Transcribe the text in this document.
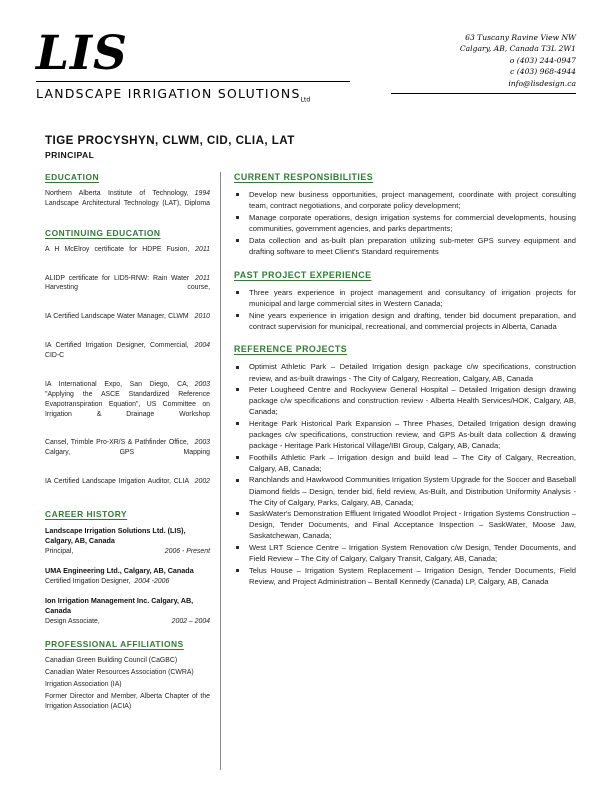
LIS
LANDSCAPE IRRIGATION $SOLUTIONS_{Ltd}$
63 Tuscany Ravine View NW
Calgary, AB, Canada T3L 2W1
o (403) 244-0947
c (403) 968-4944
info@lisdesign.ca
TIGE PROCYSHYN, CLWM, CID, CLIA, LAT
PRINCIPAL
EDUCATION
1994
Northern Alberta Institute of Technology, Landscape Architectural Technology (LAT), Diploma
CONTINUING EDUCATION
2011
A H McElroy certificate for HDPE Fusion,
2011
ALIDP certificate for LID5-RNW: Rain Water Harvesting course,
2010
IA Certified Landscape Water Manager, CLWM
2004
IA Certified Irrigation Designer, Commercial, CID-C
2003
IA International Expo, San Diego, CA, "Applying the ASCE Standardized Reference Evapotranspiration Equation", US Committee on Irrigation & Drainage Workshop
2003
Cansel, Trimble Pro-XR/S & Pathfinder Office, Calgary, GPS Mapping
2002
IA Certified Landscape Irrigation Auditor, CLIA
CAREER HISTORY
Landscape Irrigation Solutions Ltd. (LIS), Calgary, AB, Canada
Principal,	2006 - Present
UMA Engineering Ltd., Calgary, AB, Canada
Certified Irrigation Designer, 2004 -2006
Ion Irrigation Management Inc. Calgary, AB, Canada
Design Associate,	2002 – 2004
PROFESSIONAL AFFILIATIONS
Canadian Green Building Council (CaGBC)
Canadian Water Resources Association (CWRA)
Irrigation Association (IA)
Former Director and Member, Alberta Chapter of the Irrigation Association (ACIA)
CURRENT RESPONSIBILITIES
Develop new business opportunities, project management, coordinate with project consulting team, contract negotiations, and corporate policy development;
Manage corporate operations, design irrigation systems for commercial developments, housing communities, government agencies, and parks departments;
Data collection and as-built plan preparation utilizing sub-meter GPS survey equipment and drafting software to meet Client's Standard requirements
PAST PROJECT EXPERIENCE
Three years experience in project management and consultancy of irrigation projects for municipal and large commercial sites in Western Canada;
Nine years experience in irrigation design and drafting, tender bid document preparation, and contract supervision for municipal, recreational, and commercial projects in Alberta, Canada
REFERENCE PROJECTS
Optimist Athletic Park – Detailed Irrigation design package c/w specifications, construction review, and as-built drawings - The City of Calgary, Recreation, Calgary, AB, Canada
Peter Lougheed Centre and Rockyview General Hospital – Detailed Irrigation design drawing package c/w specifications and construction review - Alberta Health Services/HOK, Calgary, AB, Canada;
Heritage Park Historical Park Expansion – Three Phases, Detailed Irrigation design drawing packages c/w specifications, construction review, and GPS As-built data collection & drawing package - Heritage Park Historical Village/IBI Group, Calgary, AB, Canada;
Foothills Athletic Park – Irrigation design and build lead – The City of Calgary, Recreation, Calgary, AB, Canada;
Ranchlands and Hawkwood Communities Irrigation System Upgrade for the Soccer and Baseball Diamond fields – Design, tender bid, field review, As-Built, and Distribution Uniformity Analysis - The City of Calgary, Parks, Calgary, AB, Canada;
SaskWater's Demonstration Effluent Irrigated Woodlot Project - Irrigation Systems Construction – Design, Tender Documents, and Final Acceptance Inspection – SaskWater, Moose Jaw, Saskatchewan, Canada;
West LRT Science Centre – Irrigation System Renovation c/w Design, Tender Documents, and Field Review – The City of Calgary, Calgary Transit, Calgary, AB, Canada;
Telus House – Irrigation System Replacement – Irrigation Design, Tender Documents, Field Review, and Project Administration – Bentall Kennedy (Canada) LP, Calgary, AB, Canada
